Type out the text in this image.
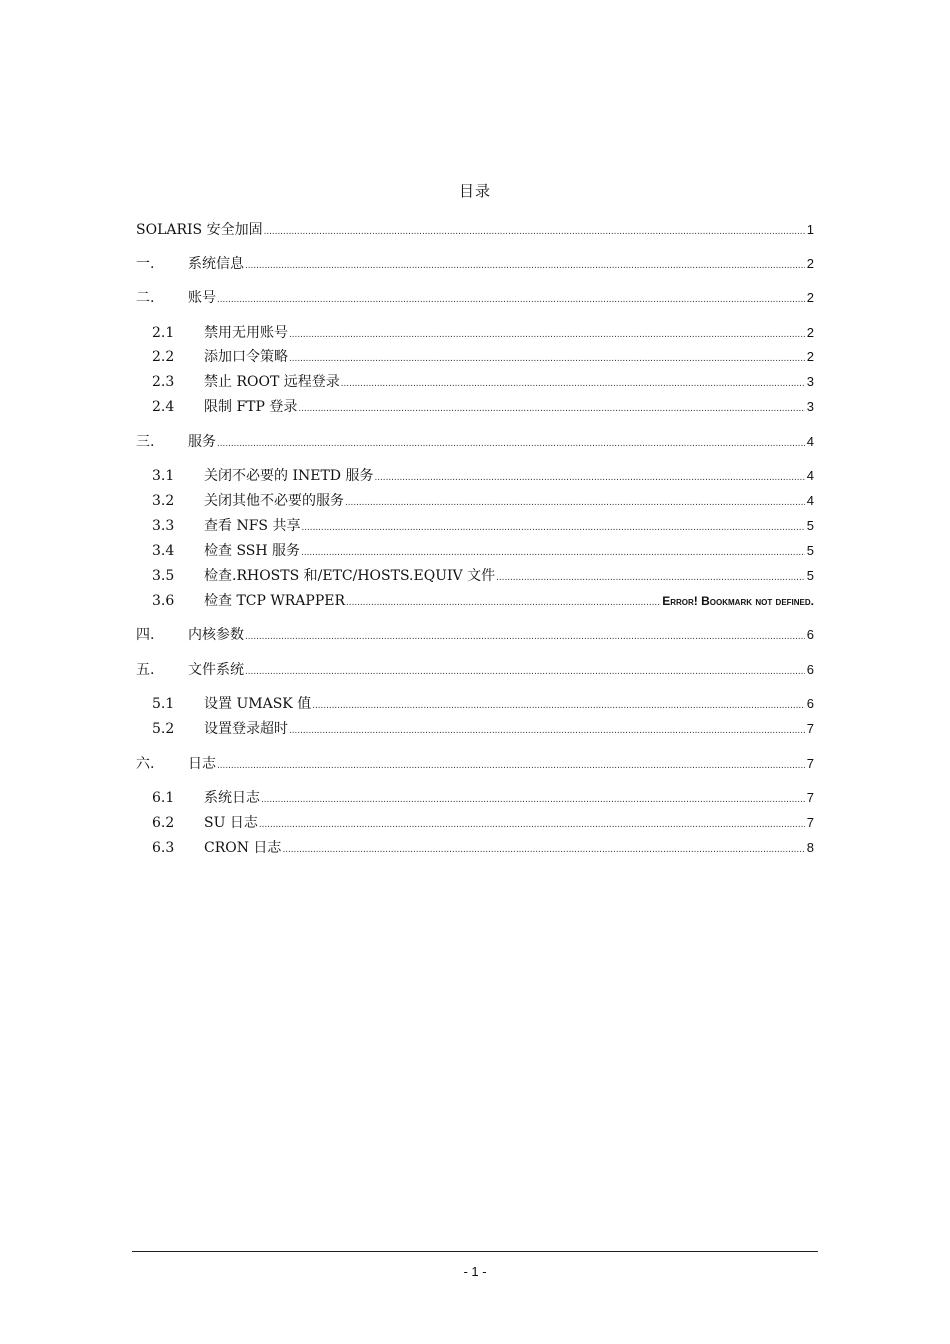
目录
SOLARIS 安全加固 .....	1
一.	系统信息 .....	2
二.	账号 .....	2
2.1	禁用无用账号 .....	2
2.2	添加口令策略 .....	2
2.3	禁止 ROOT 远程登录 .....	3
2.4	限制 FTP 登录 .....	3
三.	服务 .....	4
3.1	关闭不必要的 INETD 服务 .....	4
3.2	关闭其他不必要的服务 .....	4
3.3	查看 NFS 共享 .....	5
3.4	检查 SSH 服务 .....	5
3.5	检查.RHOSTS 和/ETC/HOSTS.EQUIV 文件 .....	5
3.6	检查 TCP WRAPPER .....	Error! Bookmark not defined.
四.	内核参数 .....	6
五.	文件系统 .....	6
5.1	设置 UMASK 值 .....	6
5.2	设置登录超时 .....	7
六.	日志 .....	7
6.1	系统日志 .....	7
6.2	SU 日志 .....	7
6.3	CRON 日志 .....	8
- 1 -
